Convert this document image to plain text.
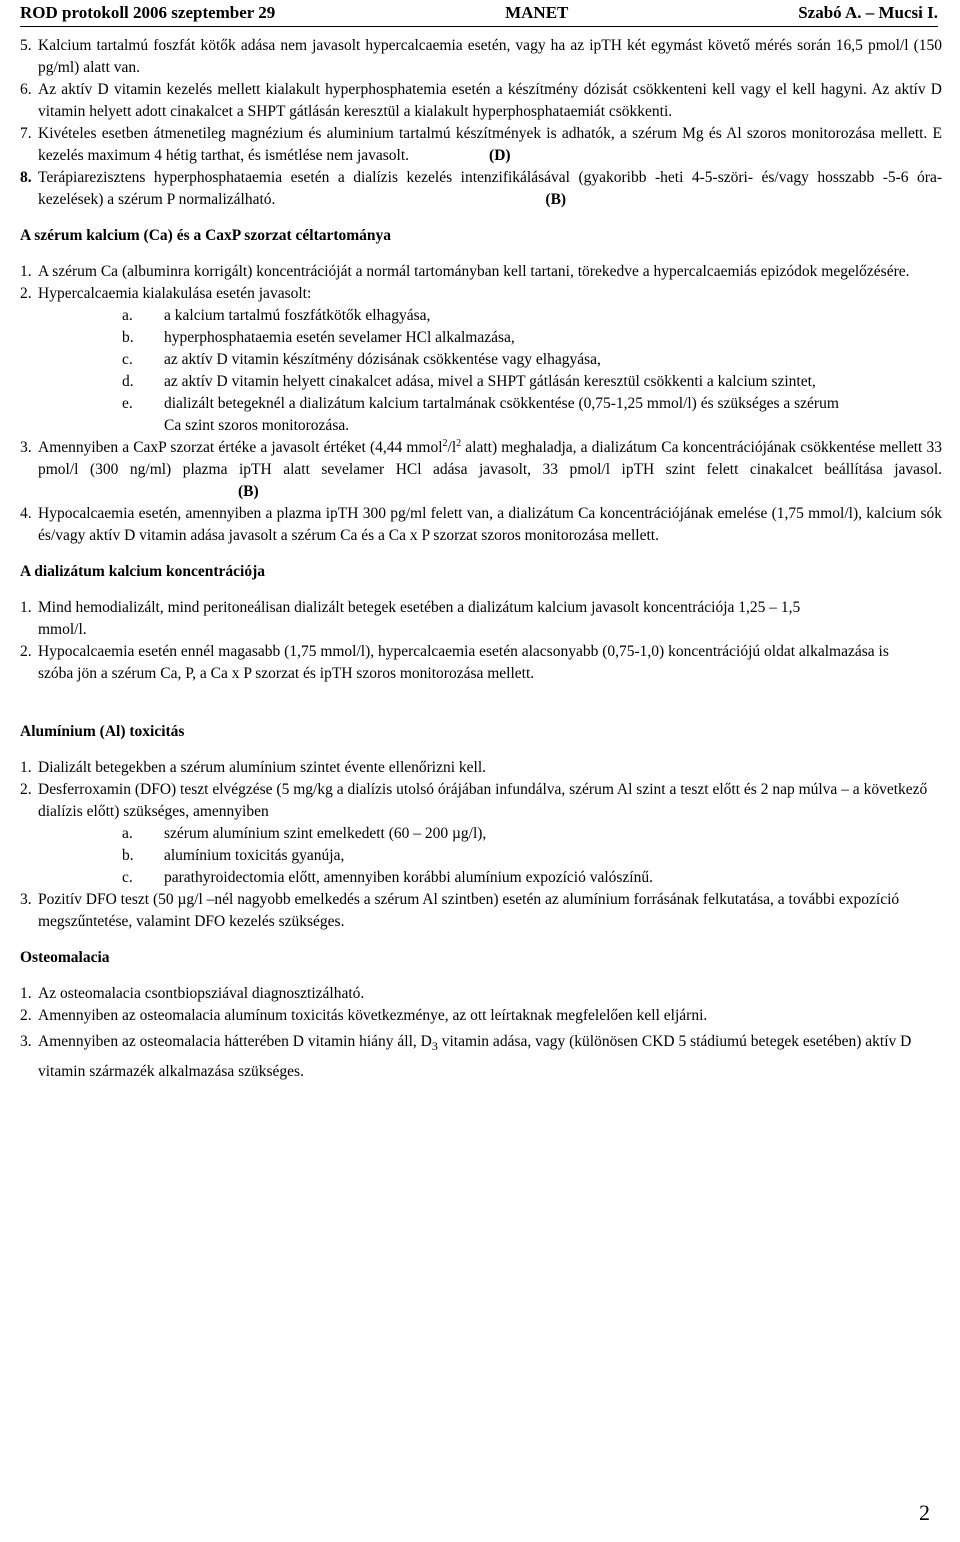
ROD protokoll 2006 szeptember 29	MANET	Szabó A. – Mucsi I.
5. Kalcium tartalmú foszfát kötők adása nem javasolt hypercalcaemia esetén, vagy ha az ipTH két egymást követő mérés során 16,5 pmol/l (150 pg/ml) alatt van.
6. Az aktív D vitamin kezelés mellett kialakult hyperphosphatemia esetén a készítmény dózisát csökkenteni kell vagy el kell hagyni. Az aktív D vitamin helyett adott cinakalcet a SHPT gátlásán keresztül a kialakult hyperphosphataemiát csökkenti.
7. Kivételes esetben átmenetileg magnézium és aluminium tartalmú készítmények is adhatók, a szérum Mg és Al szoros monitorozása mellett. E kezelés maximum 4 hétig tarthat, és ismétlése nem javasolt.	(D)
8. Terápiarezisztens hyperphosphataemia esetén a dialízis kezelés intenzifikálásával (gyakoribb -heti 4-5-szöri- és/vagy hosszabb -5-6 óra-kezelések) a szérum P normalizálható.	(B)
A szérum kalcium (Ca) és a CaxP szorzat céltartománya
1. A szérum Ca (albuminra korrigált) koncentrációját a normál tartományban kell tartani, törekedve a hypercalcaemiás epizódok megelőzésére.
2. Hypercalcaemia kialakulása esetén javasolt:
a.	a kalcium tartalmú foszfátkötők elhagyása,
b.	hyperphosphataemia esetén sevelamer HCl alkalmazása,
c.	az aktív D vitamin készítmény dózisának csökkentése vagy elhagyása,
d.	az aktív D vitamin helyett cinakalcet adása, mivel a SHPT gátlásán keresztül csökkenti a kalcium szintet,
e.	dializált betegeknél a dializátum kalcium tartalmának csökkentése (0,75-1,25 mmol/l) és szükséges a szérum Ca szint szoros monitorozása.
3. Amennyiben a CaxP szorzat értéke a javasolt értéket (4,44 $mmol^2/l^2$ alatt) meghaladja, a dializátum Ca koncentrációjának csökkentése mellett 33 pmol/l (300 ng/ml) plazma ipTH alatt sevelamer HCl adása javasolt, 33 pmol/l ipTH szint felett cinakalcet beállítása javasol.(B)
4. Hypocalcaemia esetén, amennyiben a plazma ipTH 300 pg/ml felett van, a dializátum Ca koncentrációjának emelése (1,75 mmol/l), kalcium sók és/vagy aktív D vitamin adása javasolt a szérum Ca és a Ca x P szorzat szoros monitorozása mellett.
A dializátum kalcium koncentrációja
1. Mind hemodializált, mind peritoneálisan dializált betegek esetében a dializátum kalcium javasolt koncentrációja 1,25 – 1,5 mmol/l.
2. Hypocalcaemia esetén ennél magasabb (1,75 mmol/l), hypercalcaemia esetén alacsonyabb (0,75-1,0) koncentrációjú oldat alkalmazása is szóba jön a szérum Ca, P, a Ca x P szorzat és ipTH szoros monitorozása mellett.
Alumínium (Al) toxicitás
1. Dializált betegekben a szérum alumínium szintet évente ellenőrizni kell.
2. Desferroxamin (DFO) teszt elvégzése (5 mg/kg a dialízis utolsó órájában infundálva, szérum Al szint a teszt előtt és 2 nap múlva – a következő dialízis előtt) szükséges, amennyiben
a.	szérum alumínium szint emelkedett (60 – 200 µg/l),
b.	alumínium toxicitás gyanúja,
c.	parathyroidectomia előtt, amennyiben korábbi alumínium expozíció valószínű.
3. Pozitív DFO teszt (50 µg/l –nél nagyobb emelkedés a szérum Al szintben) esetén az alumínium forrásának felkutatása, a további expozíció megszűntetése, valamint DFO kezelés szükséges.
Osteomalacia
1. Az osteomalacia csontbiopsziával diagnosztizálható.
2. Amennyiben az osteomalacia alumínum toxicitás következménye, az ott leírtaknak megfelelően kell eljárni.
3. Amennyiben az osteomalacia hátterében D vitamin hiány áll, $D_3$ vitamin adása, vagy (különösen CKD 5 stádiumú betegek esetében) aktív D vitamin származék alkalmazása szükséges.
2
